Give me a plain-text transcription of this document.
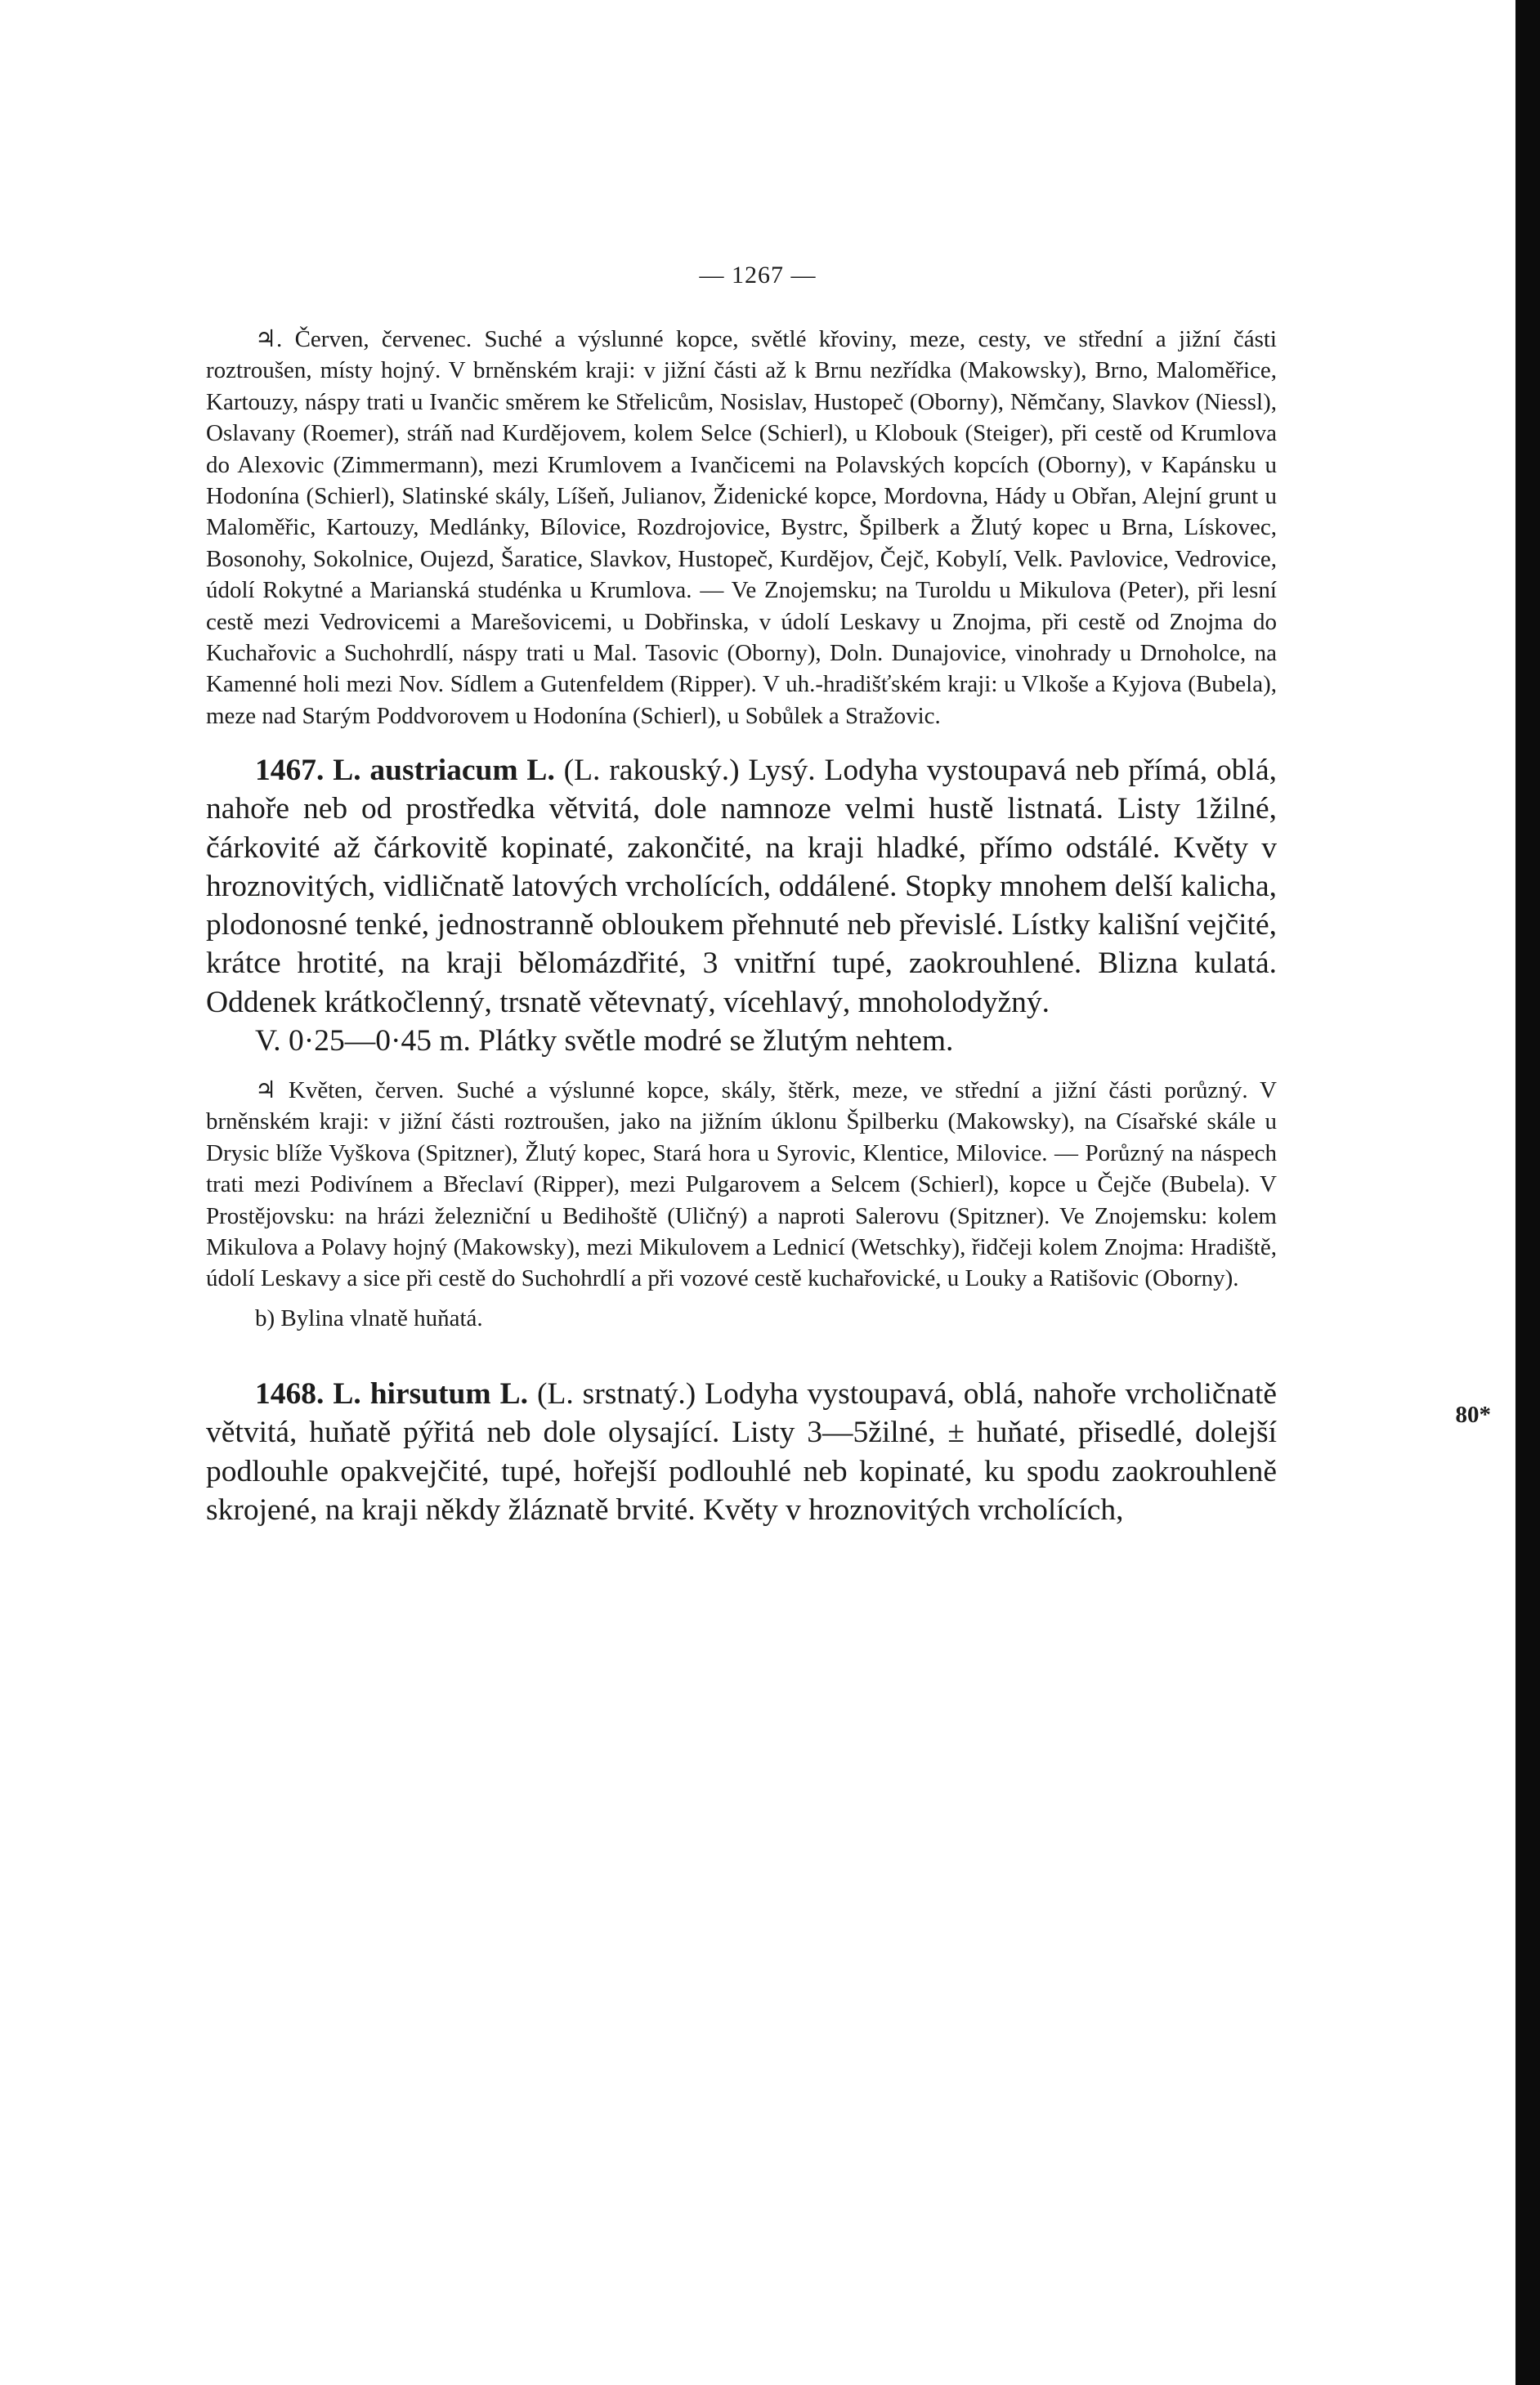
— 1267 —

♃. Červen, červenec. Suché a výslunné kopce, světlé křoviny, meze, cesty, ve střední a jižní části roztroušen, místy hojný. V brněnském kraji: v jižní části až k Brnu nezřídka (Makowsky), Brno, Maloměřice, Kartouzy, náspy trati u Ivančic směrem ke Střelicům, Nosislav, Hustopeč (Oborny), Němčany, Slavkov (Niessl), Oslavany (Roemer), stráň nad Kurdějovem, kolem Selce (Schierl), u Klobouk (Steiger), při cestě od Krumlova do Alexovic (Zimmermann), mezi Krumlovem a Ivančicemi na Polavských kopcích (Oborny), v Kapánsku u Hodonína (Schierl), Slatinské skály, Líšeň, Julianov, Židenické kopce, Mordovna, Hády u Obřan, Alejní grunt u Maloměřic, Kartouzy, Medlánky, Bílovice, Rozdrojovice, Bystrc, Špilberk a Žlutý kopec u Brna, Lískovec, Bosonohy, Sokolnice, Oujezd, Šaratice, Slavkov, Hustopeč, Kurdějov, Čejč, Kobylí, Velk. Pavlovice, Vedrovice, údolí Rokytné a Marianská studénka u Krumlova. — Ve Znojemsku; na Turoldu u Mikulova (Peter), při lesní cestě mezi Vedrovicemi a Marešovicemi, u Dobřinska, v údolí Leskavy u Znojma, při cestě od Znojma do Kuchařovic a Suchohrdlí, náspy trati u Mal. Tasovic (Oborny), Doln. Dunajovice, vinohrady u Drnoholce, na Kamenné holi mezi Nov. Sídlem a Gutenfeldem (Ripper). V uh.-hradišťském kraji: u Vlkoše a Kyjova (Bubela), meze nad Starým Poddvorovem u Hodonína (Schierl), u Sobůlek a Stražovic.

1467. L. austriacum L. (L. rakouský.) Lysý. Lodyha vystoupavá neb přímá, oblá, nahoře neb od prostředka větvitá, dole namnoze velmi hustě listnatá. Listy 1žilné, čárkovité až čárkovitě kopinaté, zakončité, na kraji hladké, přímo odstálé. Květy v hroznovitých, vidličnatě latových vrcholících, oddálené. Stopky mnohem delší kalicha, plodonosné tenké, jednostranně obloukem přehnuté neb převislé. Lístky kališní vejčité, krátce hrotité, na kraji bělomázdřité, 3 vnitřní tupé, zaokrouhlené. Blizna kulatá. Oddenek krátkočlenný, trsnatě větevnatý, vícehlavý, mnoholodyžný.
V. 0·25—0·45 m. Plátky světle modré se žlutým nehtem.

♃ Květen, červen. Suché a výslunné kopce, skály, štěrk, meze, ve střední a jižní části porůzný. V brněnském kraji: v jižní části roztroušen, jako na jižním úklonu Špilberku (Makowsky), na Císařské skále u Drysic blíže Vyškova (Spitzner), Žlutý kopec, Stará hora u Syrovic, Klentice, Milovice. — Porůzný na náspech trati mezi Podivínem a Břeclaví (Ripper), mezi Pulgarovem a Selcem (Schierl), kopce u Čejče (Bubela). V Prostějovsku: na hrázi železniční u Bedihoště (Uličný) a naproti Salerovu (Spitzner). Ve Znojemsku: kolem Mikulova a Polavy hojný (Makowsky), mezi Mikulovem a Lednicí (Wetschky), řidčeji kolem Znojma: Hradiště, údolí Leskavy a sice při cestě do Suchohrdlí a při vozové cestě kuchařovické, u Louky a Ratišovic (Oborny).

b) Bylina vlnatě huňatá.

1468. L. hirsutum L. (L. srstnatý.) Lodyha vystoupavá, oblá, nahoře vrcholičnatě větvitá, huňatě pýřitá neb dole olysající. Listy 3—5žilné, ± huňaté, přisedlé, dolejší podlouhle opakvejčité, tupé, hořejší podlouhlé neb kopinaté, ku spodu zaokrouhleně skrojené, na kraji někdy žláznatě brvité. Květy v hroznovitých vrcholících,
80*
